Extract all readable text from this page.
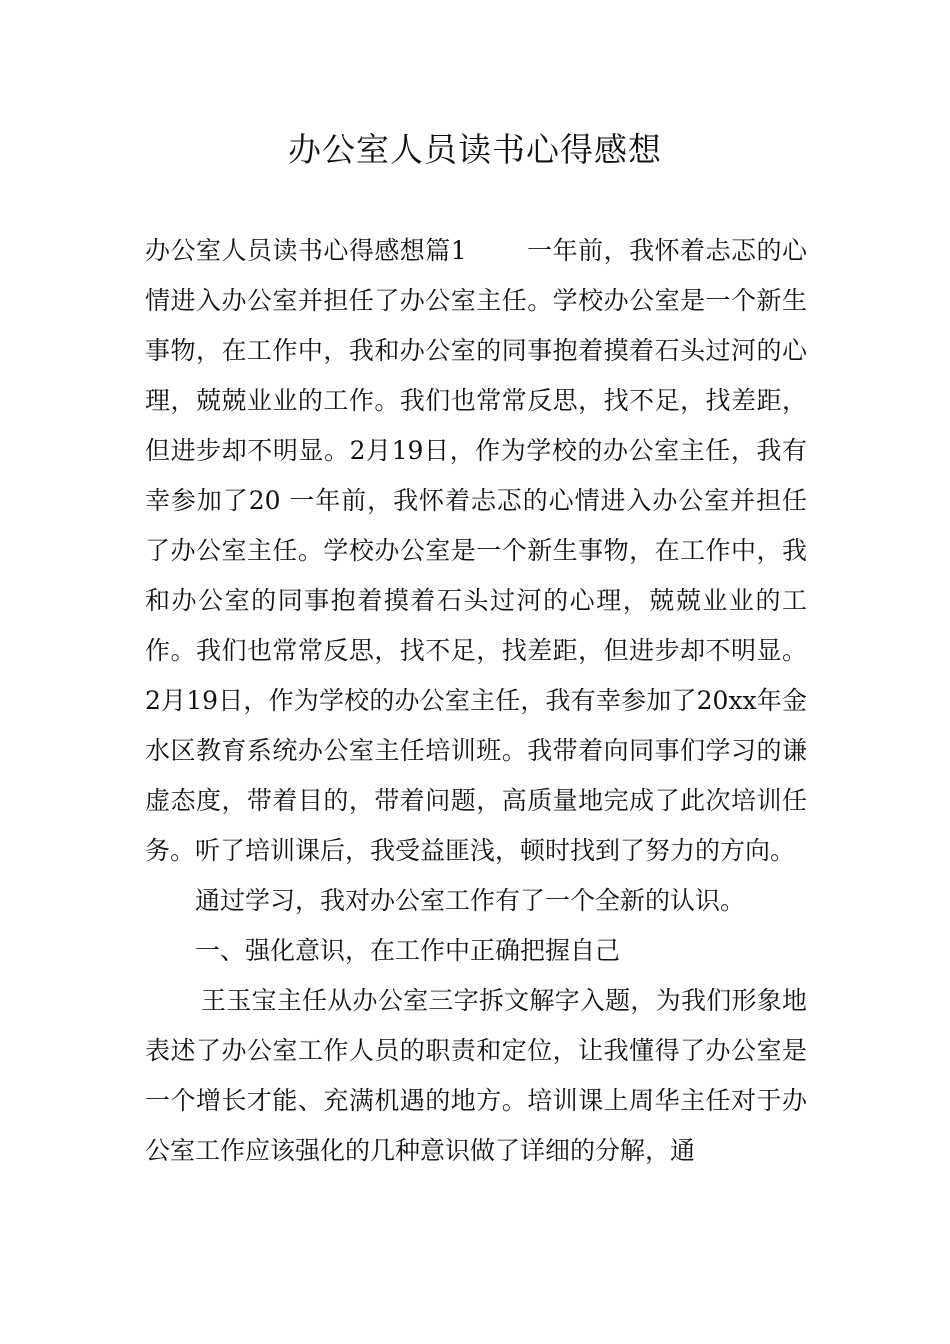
办公室人员读书心得感想

办公室人员读书心得感想篇1 一年前，我怀着忐忑的心情进入办公室并担任了办公室主任。学校办公室是一个新生事物，在工作中，我和办公室的同事抱着摸着石头过河的心理，兢兢业业的工作。我们也常常反思，找不足，找差距，但进步却不明显。2月19日，作为学校的办公室主任，我有幸参加了20 一年前，我怀着忐忑的心情进入办公室并担任了办公室主任。学校办公室是一个新生事物，在工作中，我和办公室的同事抱着摸着石头过河的心理，兢兢业业的工作。我们也常常反思，找不足，找差距，但进步却不明显。2月19日，作为学校的办公室主任，我有幸参加了20xx年金水区教育系统办公室主任培训班。我带着向同事们学习的谦虚态度，带着目的，带着问题，高质量地完成了此次培训任务。听了培训课后，我受益匪浅，顿时找到了努力的方向。

通过学习，我对办公室工作有了一个全新的认识。

一、强化意识，在工作中正确把握自己

王玉宝主任从办公室三字拆文解字入题，为我们形象地表述了办公室工作人员的职责和定位，让我懂得了办公室是一个增长才能、充满机遇的地方。培训课上周华主任对于办公室工作应该强化的几种意识做了详细的分解，通
